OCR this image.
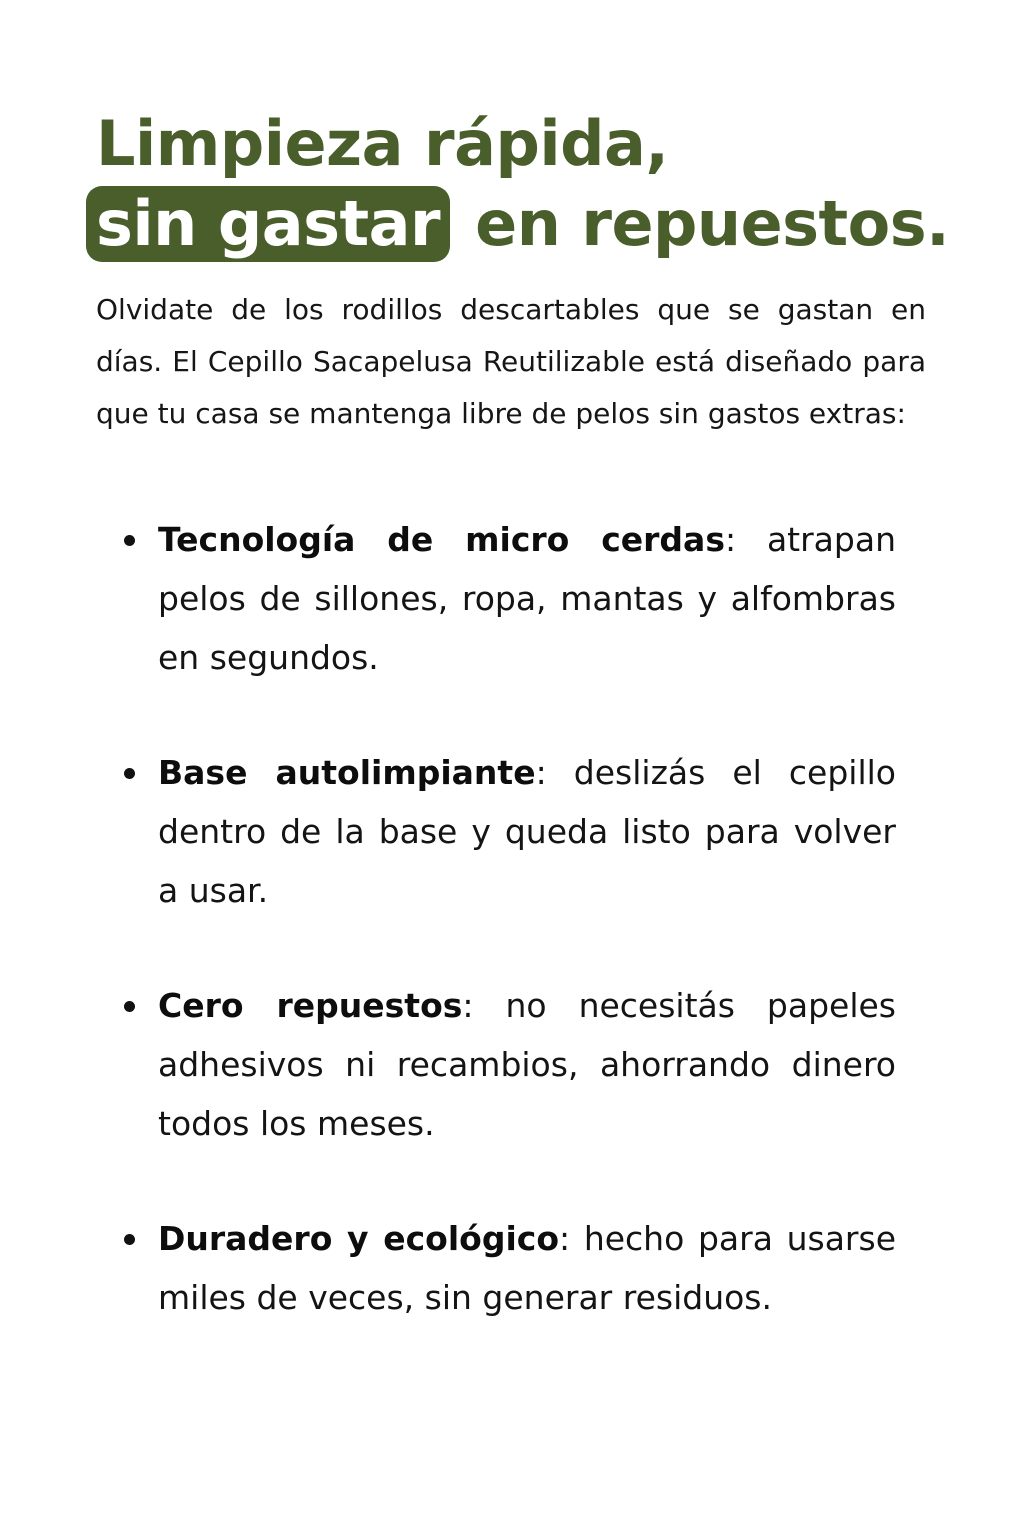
Limpieza rápida,
sin gastar en repuestos.

Olvidate de los rodillos descartables que se gastan en días. El Cepillo Sacapelusa Reutilizable está diseñado para que tu casa se mantenga libre de pelos sin gastos extras:

Tecnología de micro cerdas: atrapan pelos de sillones, ropa, mantas y alfombras en segundos.
Base autolimpiante: deslizás el cepillo dentro de la base y queda listo para volver a usar.
Cero repuestos: no necesitás papeles adhesivos ni recambios, ahorrando dinero todos los meses.
Duradero y ecológico: hecho para usarse miles de veces, sin generar residuos.
